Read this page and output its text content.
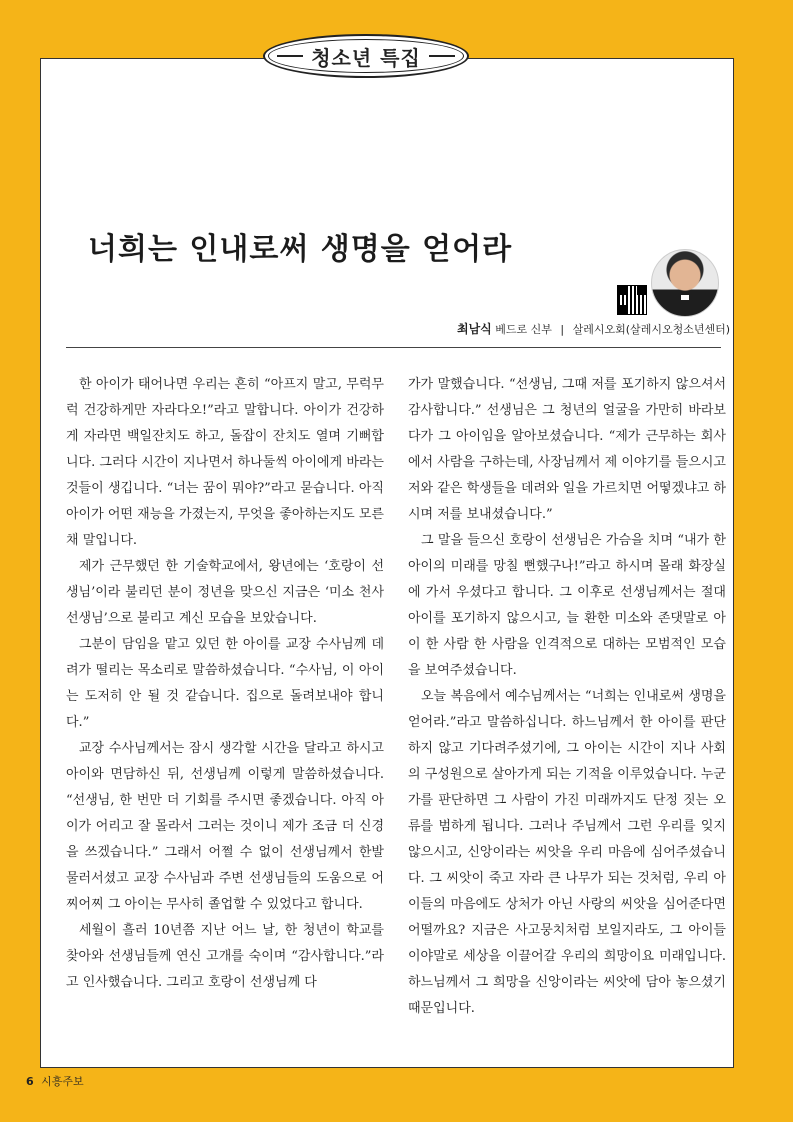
청소년 특집
너희는 인내로써 생명을 얻어라
최남식 베드로 신부 | 살레시오회(살레시오청소년센터)

한 아이가 태어나면 우리는 흔히 “아프지 말고, 무럭무럭 건강하게만 자라다오!”라고 말합니다. 아이가 건강하게 자라면 백일잔치도 하고, 돌잡이 잔치도 열며 기뻐합니다. 그러다 시간이 지나면서 하나둘씩 아이에게 바라는 것들이 생깁니다. “너는 꿈이 뭐야?”라고 묻습니다. 아직 아이가 어떤 재능을 가졌는지, 무엇을 좋아하는지도 모른 채 말입니다.

제가 근무했던 한 기술학교에서, 왕년에는 ‘호랑이 선생님’이라 불리던 분이 정년을 맞으신 지금은 ‘미소 천사 선생님’으로 불리고 계신 모습을 보았습니다.

그분이 담임을 맡고 있던 한 아이를 교장 수사님께 데려가 떨리는 목소리로 말씀하셨습니다. “수사님, 이 아이는 도저히 안 될 것 같습니다. 집으로 돌려보내야 합니다.”

교장 수사님께서는 잠시 생각할 시간을 달라고 하시고 아이와 면담하신 뒤, 선생님께 이렇게 말씀하셨습니다. “선생님, 한 번만 더 기회를 주시면 좋겠습니다. 아직 아이가 어리고 잘 몰라서 그러는 것이니 제가 조금 더 신경을 쓰겠습니다.” 그래서 어쩔 수 없이 선생님께서 한발 물러서셨고 교장 수사님과 주변 선생님들의 도움으로 어찌어찌 그 아이는 무사히 졸업할 수 있었다고 합니다.

세월이 흘러 10년쯤 지난 어느 날, 한 청년이 학교를 찾아와 선생님들께 연신 고개를 숙이며 “감사합니다.”라고 인사했습니다. 그리고 호랑이 선생님께 다

가가 말했습니다. “선생님, 그때 저를 포기하지 않으셔서 감사합니다.” 선생님은 그 청년의 얼굴을 가만히 바라보다가 그 아이임을 알아보셨습니다. “제가 근무하는 회사에서 사람을 구하는데, 사장님께서 제 이야기를 들으시고 저와 같은 학생들을 데려와 일을 가르치면 어떻겠냐고 하시며 저를 보내셨습니다.”

그 말을 들으신 호랑이 선생님은 가슴을 치며 “내가 한 아이의 미래를 망칠 뻔했구나!”라고 하시며 몰래 화장실에 가서 우셨다고 합니다. 그 이후로 선생님께서는 절대 아이를 포기하지 않으시고, 늘 환한 미소와 존댓말로 아이 한 사람 한 사람을 인격적으로 대하는 모범적인 모습을 보여주셨습니다.

오늘 복음에서 예수님께서는 “너희는 인내로써 생명을 얻어라.”라고 말씀하십니다. 하느님께서 한 아이를 판단하지 않고 기다려주셨기에, 그 아이는 시간이 지나 사회의 구성원으로 살아가게 되는 기적을 이루었습니다. 누군가를 판단하면 그 사람이 가진 미래까지도 단정 짓는 오류를 범하게 됩니다. 그러나 주님께서 그런 우리를 잊지 않으시고, 신앙이라는 씨앗을 우리 마음에 심어주셨습니다. 그 씨앗이 죽고 자라 큰 나무가 되는 것처럼, 우리 아이들의 마음에도 상처가 아닌 사랑의 씨앗을 심어준다면 어떨까요? 지금은 사고뭉치처럼 보일지라도, 그 아이들이야말로 세상을 이끌어갈 우리의 희망이요 미래입니다. 하느님께서 그 희망을 신앙이라는 씨앗에 담아 놓으셨기 때문입니다.

6 시흥주보
